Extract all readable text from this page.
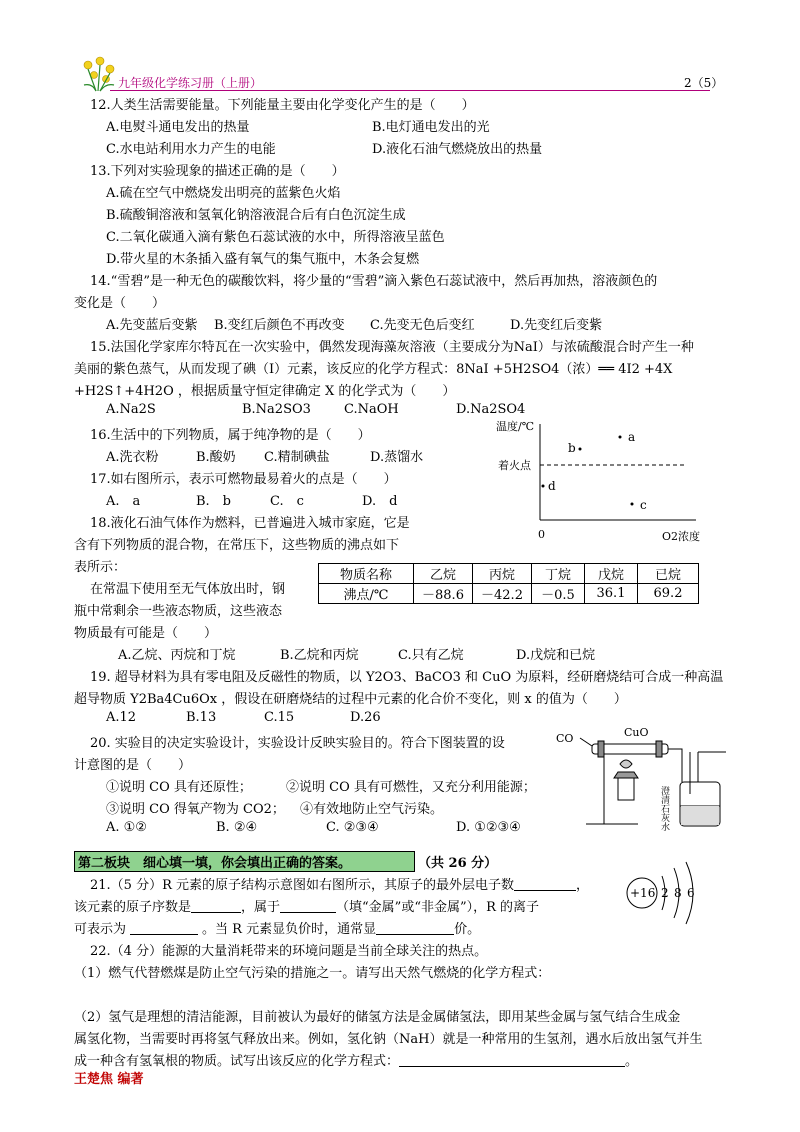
九年级化学练习册（上册）	2（5）
12.人类生活需要能量。下列能量主要由化学变化产生的是（　　）
A.电熨斗通电发出的热量	B.电灯通电发出的光
C.水电站利用水力产生的电能	D.液化石油气燃烧放出的热量
13.下列对实验现象的描述正确的是（　　）
A.硫在空气中燃烧发出明亮的蓝紫色火焰
B.硫酸铜溶液和氢氧化钠溶液混合后有白色沉淀生成
C.二氧化碳通入滴有紫色石蕊试液的水中，所得溶液呈蓝色
D.带火星的木条插入盛有氧气的集气瓶中，木条会复燃
14.“雪碧”是一种无色的碳酸饮料，将少量的“雪碧”滴入紫色石蕊试液中，然后再加热，溶液颜色的
变化是（　　）
A.先变蓝后变紫 B.变红后颜色不再改变 C.先变无色后变红	D.先变红后变紫
15.法国化学家库尔特瓦在一次实验中，偶然发现海藻灰溶液（主要成分为NaI）与浓硫酸混合时产生一种
美丽的紫色蒸气，从而发现了碘（I）元素，该反应的化学方程式：8NaI +5H2SO4（浓）══ 4I2 +4X
+H2S↑+4H2O ，根据质量守恒定律确定 X 的化学式为（　　）
A.Na2S	B.Na2SO3	C.NaOH	D.Na2SO4
16.生活中的下列物质，属于纯净物的是（　　）
A.洗衣粉	B.酸奶 C.精制碘盐	D.蒸馏水
17.如右图所示，表示可燃物最易着火的点是（　　）
A.　a	B.　b	C.　c	D.　d
温度/℃
着火点
0	O2浓度
a
b
c
d
18.液化石油气体作为燃料，已普遍进入城市家庭，它是
含有下列物质的混合物，在常压下，这些物质的沸点如下
表所示：
在常温下使用至无气体放出时，钢
瓶中常剩余一些液态物质，这些液态
物质最有可能是（　　）
物质名称	乙烷	丙烷	丁烷	戊烷	已烷
沸点/℃	－88.6	－42.2	－0.5	36.1	69.2
A.乙烷、丙烷和丁烷	B.乙烷和丙烷	C.只有乙烷	D.戊烷和已烷
19. 超导材料为具有零电阻及反磁性的物质，以 Y2O3、BaCO3 和 CuO 为原料，经研磨烧结可合成一种高温
超导物质 Y2Ba4Cu6Ox ，假设在研磨烧结的过程中元素的化合价不变化，则 x 的值为（　　）
A.12	B.13	C.15	D.26
20. 实验目的决定实验设计，实验设计反映实验目的。符合下图装置的设
计意图的是（　　）
①说明 CO 具有还原性；	②说明 CO 具有可燃性，又充分利用能源；
③说明 CO 得氧产物为 CO2； ④有效地防止空气污染。
A. ①②	B. ②④	C. ②③④	D. ①②③④
CO	CuO
澄清石灰水
第二板块　细心填一填，你会填出正确的答案。	（共 26 分）
21.（5 分）R 元素的原子结构示意图如右图所示，其原子的最外层电子数	，
该元素的原子序数是	，属于	（填“金属”或“非金属”），R 的离子
可表示为	。当 R 元素显负价时，通常显	价。
+16 2 8 6
22.（4 分）能源的大量消耗带来的环境问题是当前全球关注的热点。
（1）燃气代替燃煤是防止空气污染的措施之一。请写出天然气燃烧的化学方程式：
（2）氢气是理想的清洁能源，目前被认为最好的储氢方法是金属储氢法，即用某些金属与氢气结合生成金
属氢化物，当需要时再将氢气释放出来。例如，氢化钠（NaH）就是一种常用的生氢剂，遇水后放出氢气并生
成一种含有氢氧根的物质。试写出该反应的化学方程式：	。
王楚焦 编著
